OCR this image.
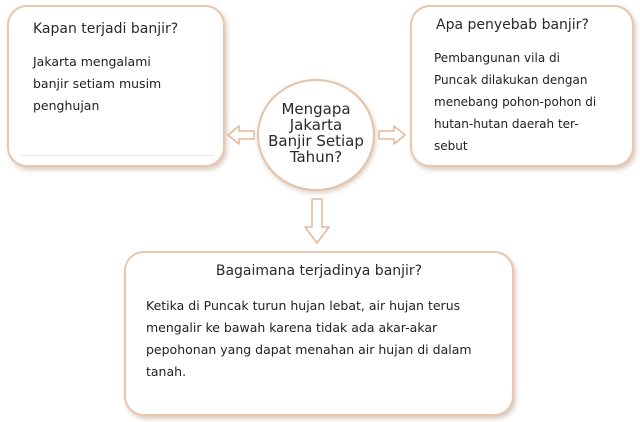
Kapan terjadi banjir?
Jakarta mengalami
banjir setiam musim
penghujan
Apa penyebab banjir?
Pembangunan vila di
Puncak dilakukan dengan
menebang pohon-pohon di
hutan-hutan daerah ter-
sebut
Mengapa
Jakarta
Banjir Setiap
Tahun?
Bagaimana terjadinya banjir?
Ketika di Puncak turun hujan lebat, air hujan terus
mengalir ke bawah karena tidak ada akar-akar
pepohonan yang dapat menahan air hujan di dalam
tanah.
